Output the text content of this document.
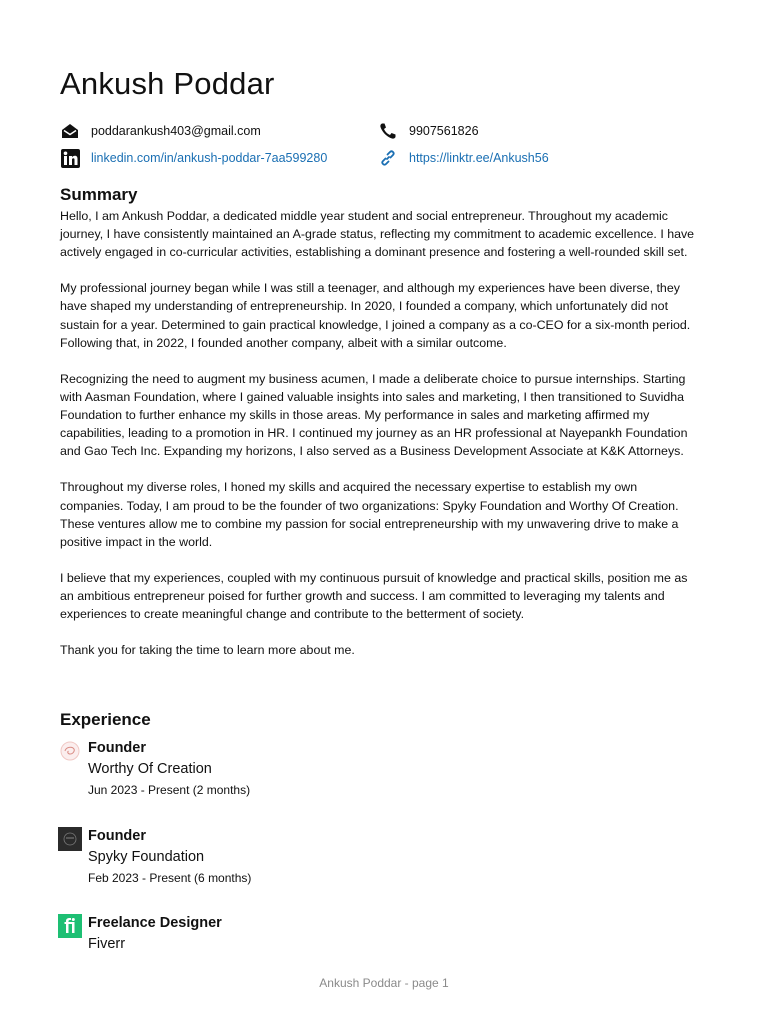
Ankush Poddar
poddarankush403@gmail.com	9907561826
linkedin.com/in/ankush-poddar-7aa599280	https://linktr.ee/Ankush56
Summary

Hello, I am Ankush Poddar, a dedicated middle year student and social entrepreneur. Throughout my academic journey, I have consistently maintained an A-grade status, reflecting my commitment to academic excellence. I have actively engaged in co-curricular activities, establishing a dominant presence and fostering a well-rounded skill set.

My professional journey began while I was still a teenager, and although my experiences have been diverse, they have shaped my understanding of entrepreneurship. In 2020, I founded a company, which unfortunately did not sustain for a year. Determined to gain practical knowledge, I joined a company as a co-CEO for a six-month period. Following that, in 2022, I founded another company, albeit with a similar outcome.

Recognizing the need to augment my business acumen, I made a deliberate choice to pursue internships. Starting with Aasman Foundation, where I gained valuable insights into sales and marketing, I then transitioned to Suvidha Foundation to further enhance my skills in those areas. My performance in sales and marketing affirmed my capabilities, leading to a promotion in HR. I continued my journey as an HR professional at Nayepankh Foundation and Gao Tech Inc. Expanding my horizons, I also served as a Business Development Associate at K&K Attorneys.

Throughout my diverse roles, I honed my skills and acquired the necessary expertise to establish my own companies. Today, I am proud to be the founder of two organizations: Spyky Foundation and Worthy Of Creation. These ventures allow me to combine my passion for social entrepreneurship with my unwavering drive to make a positive impact in the world.

I believe that my experiences, coupled with my continuous pursuit of knowledge and practical skills, position me as an ambitious entrepreneur poised for further growth and success. I am committed to leveraging my talents and experiences to create meaningful change and contribute to the betterment of society.

Thank you for taking the time to learn more about me.

Experience

Founder

Worthy Of Creation

Jun 2023 - Present (2 months)

Founder

Spyky Foundation

Feb 2023 - Present (6 months)

Freelance Designer

Fiverr

Ankush Poddar - page 1
